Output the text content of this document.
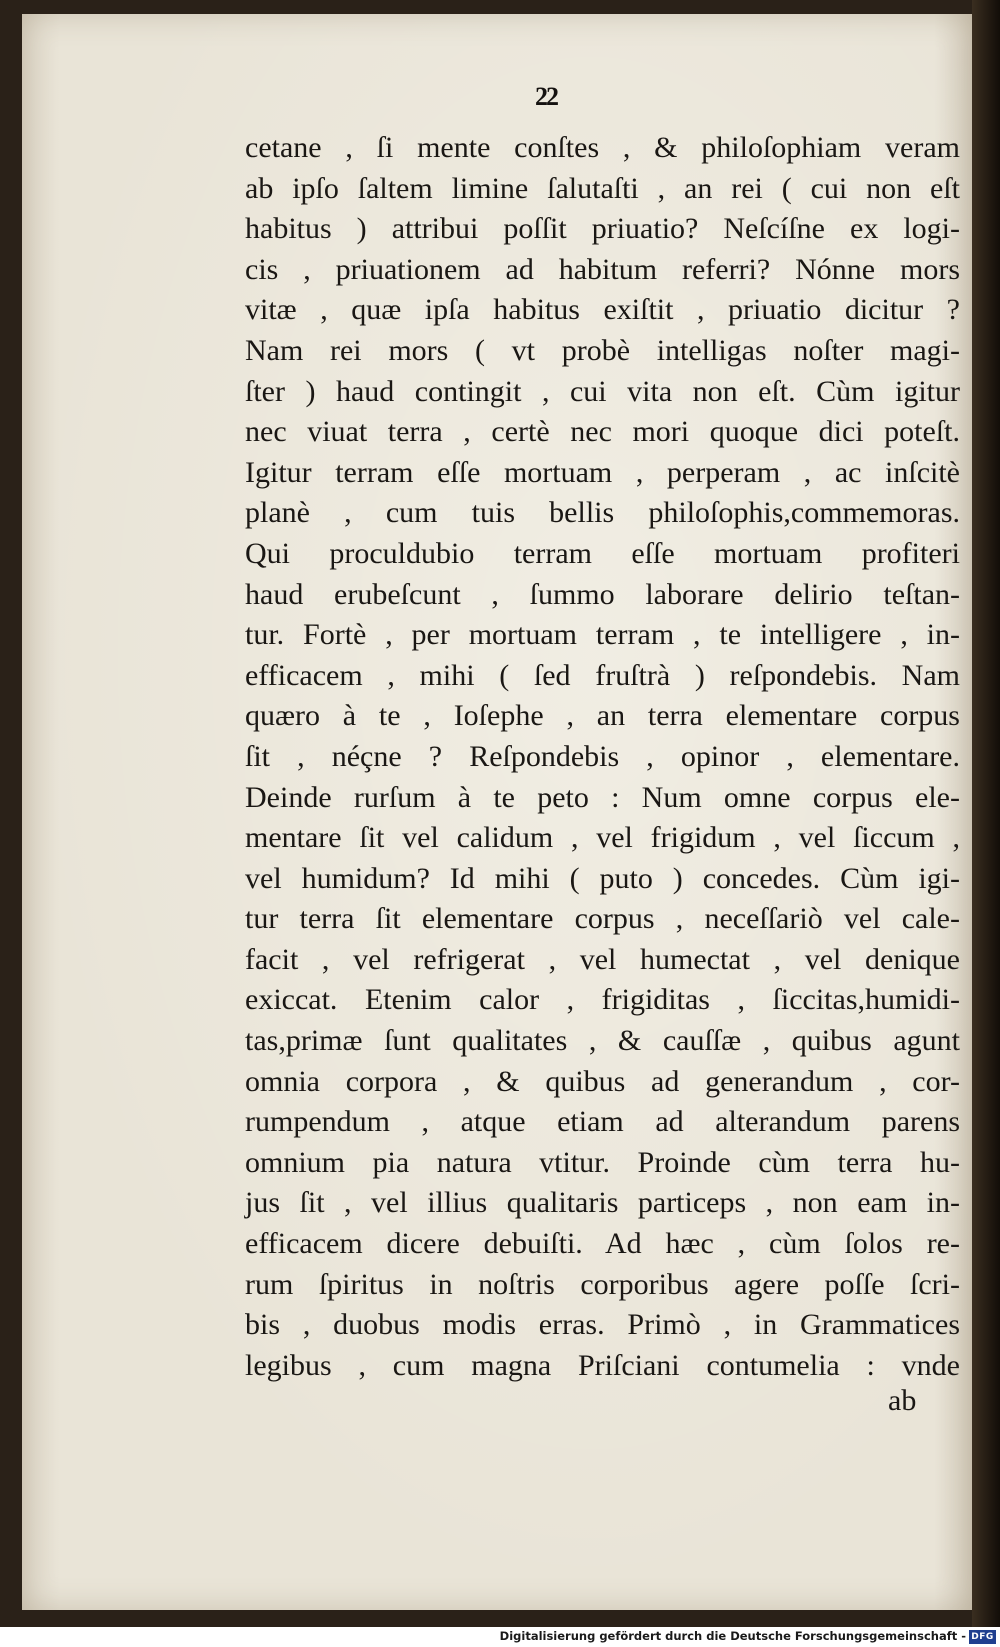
22
cetane , ſi mente conſtes , & philoſophiam veram
ab ipſo ſaltem limine ſalutaſti , an rei ( cui non eſt
habitus ) attribui poſſit priuatio? Neſcíſne ex logi-
cis , priuationem ad habitum referri? Nónne mors
vitæ , quæ ipſa habitus exiſtit , priuatio dicitur ?
Nam rei mors ( vt probè intelligas noſter magi-
ſter ) haud contingit , cui vita non eſt. Cùm igitur
nec viuat terra , certè nec mori quoque dici poteſt.
Igitur terram eſſe mortuam , perperam , ac inſcitè
planè , cum tuis bellis philoſophis,commemoras.
Qui proculdubio terram eſſe mortuam profiteri
haud erubeſcunt , ſummo laborare delirio teſtan-
tur. Fortè , per mortuam terram , te intelligere , in-
efficacem , mihi ( ſed fruſtrà ) reſpondebis. Nam
quæro à te , Ioſephe , an terra elementare corpus
ſit , néçne ? Reſpondebis , opinor , elementare.
Deinde rurſum à te peto : Num omne corpus ele-
mentare ſit vel calidum , vel frigidum , vel ſiccum ,
vel humidum? Id mihi ( puto ) concedes. Cùm igi-
tur terra ſit elementare corpus , neceſſariò vel cale-
facit , vel refrigerat , vel humectat , vel denique
exiccat. Etenim calor , frigiditas , ſiccitas,humidi-
tas,primæ ſunt qualitates , & cauſſæ , quibus agunt
omnia corpora , & quibus ad generandum , cor-
rumpendum , atque etiam ad alterandum parens
omnium pia natura vtitur. Proinde cùm terra hu-
jus ſit , vel illius qualitaris particeps , non eam in-
efficacem dicere debuiſti. Ad hæc , cùm ſolos re-
rum ſpiritus in noſtris corporibus agere poſſe ſcri-
bis , duobus modis erras. Primò , in Grammatices
legibus , cum magna Priſciani contumelia : vnde
ab
Digitalisierung gefördert durch die Deutsche Forschungsgemeinschaft - DFG
